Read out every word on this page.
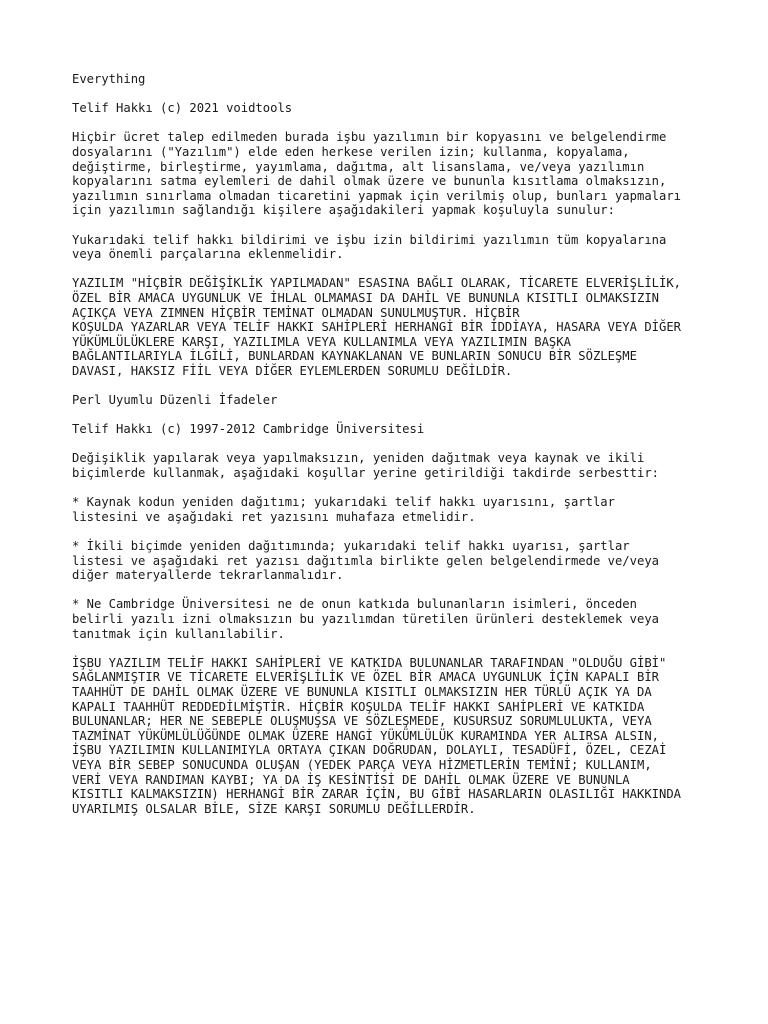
Everything

Telif Hakkı (c) 2021 voidtools

Hiçbir ücret talep edilmeden burada işbu yazılımın bir kopyasını ve belgelendirme
dosyalarını ("Yazılım") elde eden herkese verilen izin; kullanma, kopyalama,
değiştirme, birleştirme, yayımlama, dağıtma, alt lisanslama, ve/veya yazılımın
kopyalarını satma eylemleri de dahil olmak üzere ve bununla kısıtlama olmaksızın,
yazılımın sınırlama olmadan ticaretini yapmak için verilmiş olup, bunları yapmaları
için yazılımın sağlandığı kişilere aşağıdakileri yapmak koşuluyla sunulur:

Yukarıdaki telif hakkı bildirimi ve işbu izin bildirimi yazılımın tüm kopyalarına
veya önemli parçalarına eklenmelidir.

YAZILIM "HİÇBİR DEĞİŞİKLİK YAPILMADAN" ESASINA BAĞLI OLARAK, TİCARETE ELVERİŞLİLİK,
ÖZEL BİR AMACA UYGUNLUK VE İHLAL OLMAMASI DA DAHİL VE BUNUNLA KISITLI OLMAKSIZIN
AÇIKÇA VEYA ZIMNEN HİÇBİR TEMİNAT OLMADAN SUNULMUŞTUR. HİÇBİR
KOŞULDA YAZARLAR VEYA TELİF HAKKI SAHİPLERİ HERHANGİ BİR İDDİAYA, HASARA VEYA DİĞER
YÜKÜMLÜLÜKLERE KARŞI, YAZILIMLA VEYA KULLANIMLA VEYA YAZILIMIN BAŞKA
BAĞLANTILARIYLA İLGİLİ, BUNLARDAN KAYNAKLANAN VE BUNLARIN SONUCU BİR SÖZLEŞME
DAVASI, HAKSIZ FİİL VEYA DİĞER EYLEMLERDEN SORUMLU DEĞİLDİR.

Perl Uyumlu Düzenli İfadeler

Telif Hakkı (c) 1997-2012 Cambridge Üniversitesi

Değişiklik yapılarak veya yapılmaksızın, yeniden dağıtmak veya kaynak ve ikili
biçimlerde kullanmak, aşağıdaki koşullar yerine getirildiği takdirde serbesttir:

* Kaynak kodun yeniden dağıtımı; yukarıdaki telif hakkı uyarısını, şartlar
listesini ve aşağıdaki ret yazısını muhafaza etmelidir.

* İkili biçimde yeniden dağıtımında; yukarıdaki telif hakkı uyarısı, şartlar
listesi ve aşağıdaki ret yazısı dağıtımla birlikte gelen belgelendirmede ve/veya
diğer materyallerde tekrarlanmalıdır.

* Ne Cambridge Üniversitesi ne de onun katkıda bulunanların isimleri, önceden
belirli yazılı izni olmaksızın bu yazılımdan türetilen ürünleri desteklemek veya
tanıtmak için kullanılabilir.

İŞBU YAZILIM TELİF HAKKI SAHİPLERİ VE KATKIDA BULUNANLAR TARAFINDAN "OLDUĞU GİBİ"
SAĞLANMIŞTIR VE TİCARETE ELVERİŞLİLİK VE ÖZEL BİR AMACA UYGUNLUK İÇİN KAPALI BİR
TAAHHÜT DE DAHİL OLMAK ÜZERE VE BUNUNLA KISITLI OLMAKSIZIN HER TÜRLÜ AÇIK YA DA
KAPALI TAAHHÜT REDDEDİLMİŞTİR. HİÇBİR KOŞULDA TELİF HAKKI SAHİPLERİ VE KATKIDA
BULUNANLAR; HER NE SEBEPLE OLUŞMUŞSA VE SÖZLEŞMEDE, KUSURSUZ SORUMLULUKTA, VEYA
TAZMİNAT YÜKÜMLÜLÜĞÜNDE OLMAK ÜZERE HANGİ YÜKÜMLÜLÜK KURAMINDA YER ALIRSA ALSIN,
İŞBU YAZILIMIN KULLANIMIYLA ORTAYA ÇIKAN DOĞRUDAN, DOLAYLI, TESADÜFİ, ÖZEL, CEZAİ
VEYA BİR SEBEP SONUCUNDA OLUŞAN (YEDEK PARÇA VEYA HİZMETLERİN TEMİNİ; KULLANIM,
VERİ VEYA RANDIMAN KAYBI; YA DA İŞ KESİNTİSİ DE DAHİL OLMAK ÜZERE VE BUNUNLA
KISITLI KALMAKSIZIN) HERHANGİ BİR ZARAR İÇİN, BU GİBİ HASARLARIN OLASILIĞI HAKKINDA
UYARILMIŞ OLSALAR BİLE, SİZE KARŞI SORUMLU DEĞİLLERDİR.
